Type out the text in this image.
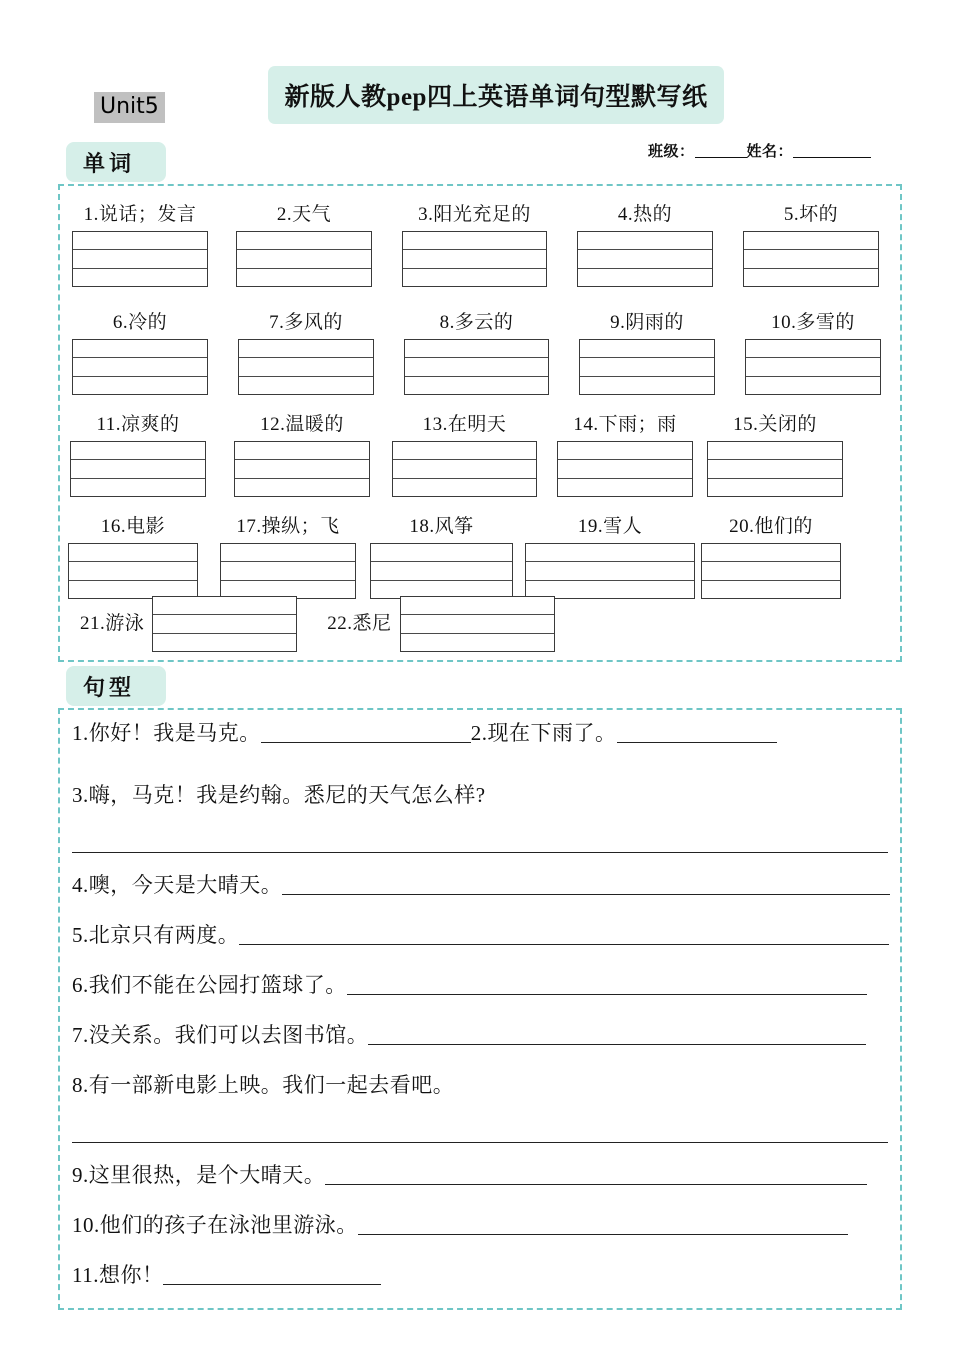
Unit5	新版人教pep四上英语单词句型默写纸
班级：	姓名：
单词
句型
1.说话；发言	2.天气	3.阳光充足的	4.热的	5.坏的
6.冷的	7.多风的	8.多云的	9.阴雨的	10.多雪的
11.凉爽的	12.温暖的	13.在明天	14.下雨；雨	15.关闭的
16.电影	17.操纵；飞	18.风筝	19.雪人	20.他们的
21.游泳	22.悉尼
1.你好！我是马克。	2.现在下雨了。
3.嗨，马克！我是约翰。悉尼的天气怎么样?
4.噢，今天是大晴天。
5.北京只有两度。
6.我们不能在公园打篮球了。
7.没关系。我们可以去图书馆。
8.有一部新电影上映。我们一起去看吧。
9.这里很热，是个大晴天。
10.他们的孩子在泳池里游泳。
11.想你！
